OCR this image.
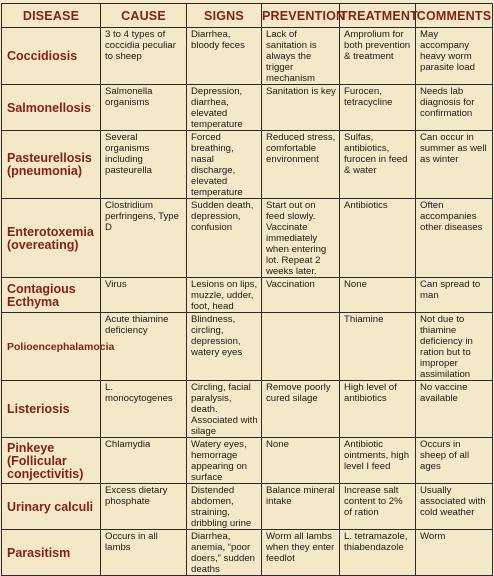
DISEASE	CAUSE	SIGNS	PREVENTION	TREATMENT	COMMENTS
Coccidiosis	3 to 4 types of coccidia peculiar to sheep	Diarrhea, bloody feces	Lack of sanitation is always the trigger mechanism	Amprolium for both prevention & treatment	May accompany heavy worm parasite load
Salmonellosis	Salmonella organisms	Depression, diarrhea, elevated temperature	Sanitation is key	Furocen, tetracycline	Needs lab diagnosis for confirmation
Pasteurellosis (pneumonia)	Several organisms including pasteurella	Forced breathing, nasal discharge, elevated temperature	Reduced stress, comfortable environment	Sulfas, antibiotics, furocen in feed & water	Can occur in summer as well as winter
Enterotoxemia (overeating)	Clostridium perfringens, Type D	Sudden death, depression, confusion	Start out on feed slowly. Vaccinate immediately when entering lot. Repeat 2 weeks later.	Antibiotics	Often accompanies other diseases
Contagious Ecthyma	Virus	Lesions on lips, muzzle, udder, foot, head	Vaccination	None	Can spread to man
Polioencephalamocia	Acute thiamine deficiency	Blindness, circling, depression, watery eyes		Thiamine	Not due to thiamine deficiency in ration but to improper assimilation
Listeriosis	L. monocytogenes	Circling, facial paralysis, death. Associated with silage	Remove poorly cured silage	High level of antibiotics	No vaccine available
Pinkeye (Follicular conjectivitis)	Chlamydia	Watery eyes, hemorrage appearing on surface	None	Antibiotic ointments, high level I feed	Occurs in sheep of all ages
Urinary calculi	Excess dietary phosphate	Distended abdomen, straining, dribbling urine	Balance mineral intake	Increase salt content to 2% of ration	Usually associated with cold weather
Parasitism	Occurs in all lambs	Diarrhea, anemia, “poor doers,” sudden deaths	Worm all lambs when they enter feedlot	L. tetramazole, thiabendazole	Worm
